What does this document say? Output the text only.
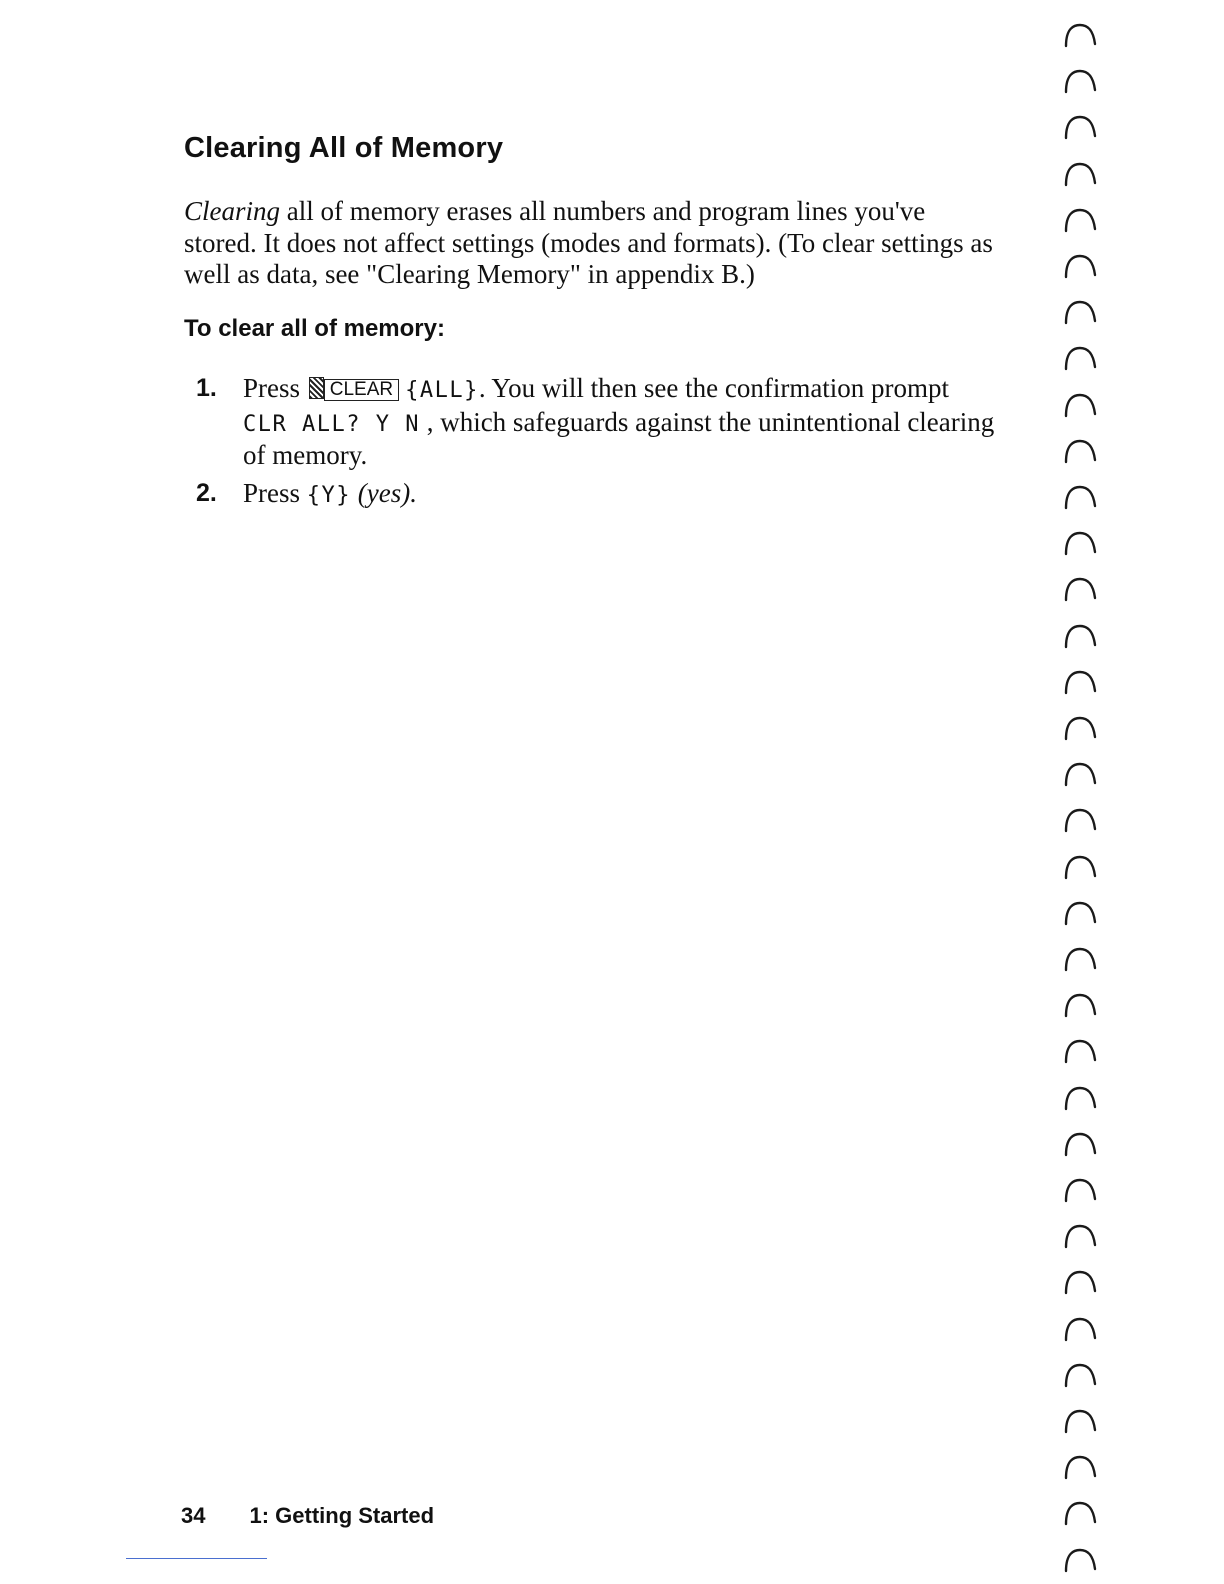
Clearing All of Memory

Clearing all of memory erases all numbers and program lines you've stored. It does not affect settings (modes and formats). (To clear settings as well as data, see "Clearing Memory" in appendix B.)

To clear all of memory:
1. Press CLEAR {ALL}. You will then see the confirmation prompt CLR ALL? Y N , which safeguards against the unintentional clearing of memory.
2. Press {Y} (yes).
34 1: Getting Started
